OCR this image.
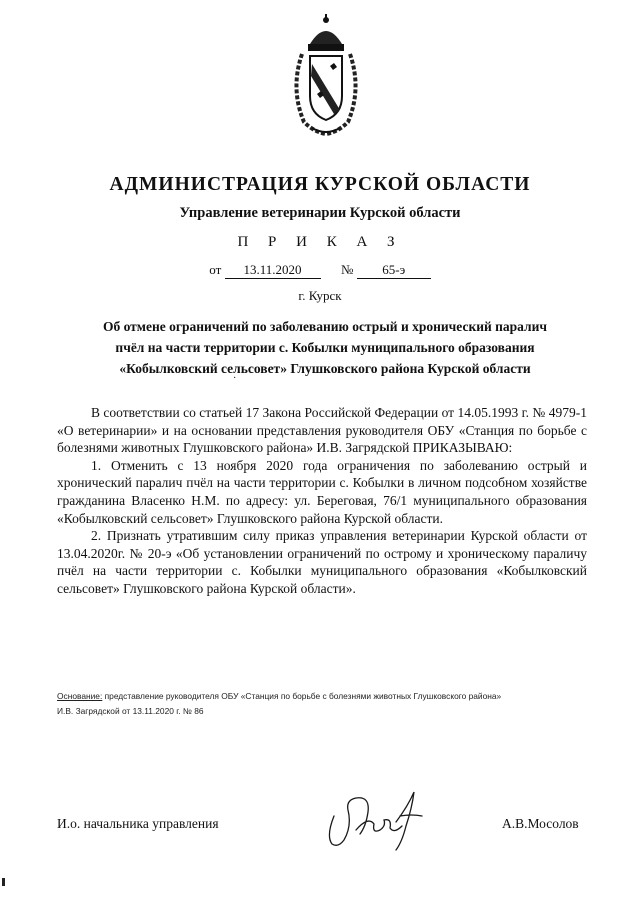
АДМИНИСТРАЦИЯ КУРСКОЙ ОБЛАСТИ
Управление ветеринарии Курской области
П Р И К А З
от 13.11.2020	№ 65-э
г. Курск
Об отмене ограничений по заболеванию острый и хронический паралич
пчёл на части территории с. Кобылки муниципального образования
«Кобылковский сельсовет» Глушковского района Курской области
·

В соответствии со статьей 17 Закона Российской Федерации от 14.05.1993 г. № 4979-1 «О ветеринарии» и на основании представления руководителя ОБУ «Станция по борьбе с болезнями животных Глушковского района» И.В. Загрядской ПРИКАЗЫВАЮ:

1. Отменить с 13 ноября 2020 года ограничения по заболеванию острый и хронический паралич пчёл на части территории с. Кобылки в личном подсобном хозяйстве гражданина Власенко Н.М. по адресу: ул. Береговая, 76/1 муниципального образования «Кобылковский сельсовет» Глушковского района Курской области.

2. Признать утратившим силу приказ управления ветеринарии Курской области от 13.04.2020г. № 20-э «Об установлении ограничений по острому и хроническому параличу пчёл на части территории с. Кобылки муниципального образования «Кобылковский сельсовет» Глушковского района Курской области».

Основание: представление руководителя ОБУ «Станция по борьбе с болезнями животных Глушковского района»
И.В. Загрядской от 13.11.2020 г. № 86
И.о. начальника управления	А.В.Мосолов
